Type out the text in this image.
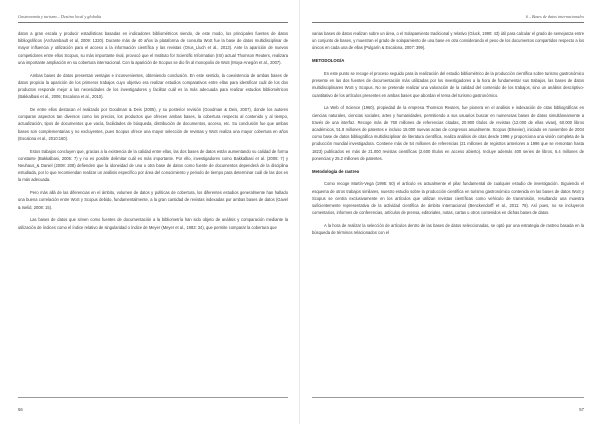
Gastronomía y turismo – Destino local y globalía

datos a gran escala y producir estadísticas basadas en indicadores bibliométricos siendo, de este modo, los principales fuentes de datos bibliográficos (Archambault et al, 2009: 1320). Durante más de 40 años la plataforma de consulta WoS fue la base de datos multidisciplinar de mayor influencia y utilización para el acceso a la información científica y las revistas (Orus_Lluch et al., 2013). Ante la aparición de nuevos competidores entre ellos Scopus, su más importante rival, provocó que el Instituto for Scientific Information (ISI) actual Thomson Reuters, realizara una importante ampliación en su cobertura internacional. Con la aparición de Scopus se dio fin al monopolio de WoS (Moya-Anegón et al., 2007).

Ambas bases de datos presentan ventajas e inconvenientes, obteniendo conclusión. En este sentido, la coexistencia de ambas bases de datos propicia la aparición de los primeros trabajos cuyo objetivo era realizar estudios comparativos entre ellas para identificar cuál de los dos productos responde mejor a las necesidades de los investigadores y facilitar cuál es la más adecuada para realizar estudios bibliométricos (Bakkalbasi et al., 2006; Escalona et al., 2010).

De entre ellos destacan el realizado por Goodman & Deis (2005), y su posterior revisión (Goodman & Deis, 2007), donde los autores comparan aspectos tan diversos como los precios, los productos que ofrecen ambas bases, la cobertura respecto al contenido y al tiempo, actualización, tipos de documentos que vacía, facilidades de búsqueda, distribución de documentos, acceso, etc. Su conclusión fue que ambas bases son complementarias y no excluyentes, pues Scopus ofrece una mayor selección de revistas y WoS realiza una mayor cobertura en años (Escalona et al., 2010:160).

Estos trabajos concluyen que, gracias a la existencia de la calidad entre ellas, las dos bases de datos están aumentando su calidad de forma constante (Bakkalbasi, 2006: 7) y no es posible delimitar cuál es más importante. Por ello, investigadores como Bakkalbasi et al. (2006: 7) y Neuhaus_& Daniel (2008: 208) defienden que la idoneidad de una u otra base de datos como fuente de documentos dependerá de la disciplina estudiada, por lo que recomiendan realizar un análisis específico por área del conocimiento y periodo de tiempo para determinar cuál de las dos es la más adecuada.

Pero más allá de las diferencias en el ámbito, volumen de datos y políticas de cobertura, los diferentes estudios generalmente han hallado una buena correlación entre WoS y Scopus debido, fundamentalmente, a la gran cantidad de revistas indexadas por ambas bases de datos (Gavel & Iselid, 2008: 15).

Las bases de datos que sirven como fuentes de documentación a la bibliometría han sido objeto de análisis y comparación mediante la utilización de índices como el índice relativo de singularidad o índice de Meyer (Meyer et al., 1983: 34), que permite comparar la cobertura que

56
6 – Bases de datos internacionales

varias bases de datos realizan sobre un área, o el Solapamiento tradicional y relativo (Gluck, 1990: 43) útil para calcular el grado de semejanza entre un conjunto de bases, y muestran el grado de solapamiento de una base en otra considerando el peso de los documentos compartidos respecto a los únicos en cada una de ellas (Pulgarín & Escalona, 2007: 399).

METODOLOGÍA

En este punto se recoge el proceso seguido para la realización del estudio bibliométrico de la producción científica sobre turismo gastronómico presente en las dos fuentes de documentación más utilizadas por los investigadores a la hora de fundamentar sus trabajos, las bases de datos multidisciplinares WoS y Scopus. No se pretende realizar una valoración de la calidad del contenido de los trabajos, sino un análisis descriptivo-cuantitativo de los artículos presentes en ambas bases que abordan el tema del turismo gastronómico.

La Web of Science (1960), propiedad de la empresa Thomson Reuters, fue pionera en el análisis e indexación de citas bibliográficas en ciencias naturales, ciencias sociales, artes y humanidades, permitiendo a sus usuarios buscar en numerosas bases de datos simultáneamente a través de una interfaz. Recoge más de 760 millones de referencias citadas, 20.900 títulos de revistas (12.000 de ellas vivas), 60.000 libros académicos, 51.8 millones de patentes e incluso 15.000 nuevas actas de congresos anualmente. Scopus (Elsevier), iniciado en noviembre de 2004 como base de datos bibliográfica multidisciplinar de literatura científica, realiza análisis de citas desde 1996 y proporciona una visión completa de la producción mundial investigadora. Contiene más de 54 millones de referencias (21 millones de registros anteriores a 1996 que se remontan hasta 1823) publicados en más de 21.000 revistas científicas (2.600 títulos en acceso abierto). Incluye además 400 series de libros, 6.4 millones de ponencias y 25.2 millones de patentes.

Metodología de rastreo

Como recoge Martín-Vega (1995: 50) el artículo es actualmente el pilar fundamental de cualquier estudio de investigación. Siguiendo el esquema de otros trabajos similares, nuestro estudio sobre la producción científica en turismo gastronómico contenida en las bases de datos WoS y Scopus se centra exclusivamente en los artículos que utilizan revistas científicas como vehículo de transmisión, resultando una muestra suficientemente representativa de la actividad científica de ámbito internacional (Benckendorff et al., 2011: 78). Así pues, no se incluyeron comentarios, informes de conferencias, artículos de prensa, editoriales, notas, cartas u otros contenidos en dichas bases de datos.

A la hora de realizar la selección de artículos dentro de las bases de datos seleccionadas, se optó por una estrategia de rastreo basada en la búsqueda de términos relacionados con el

57
